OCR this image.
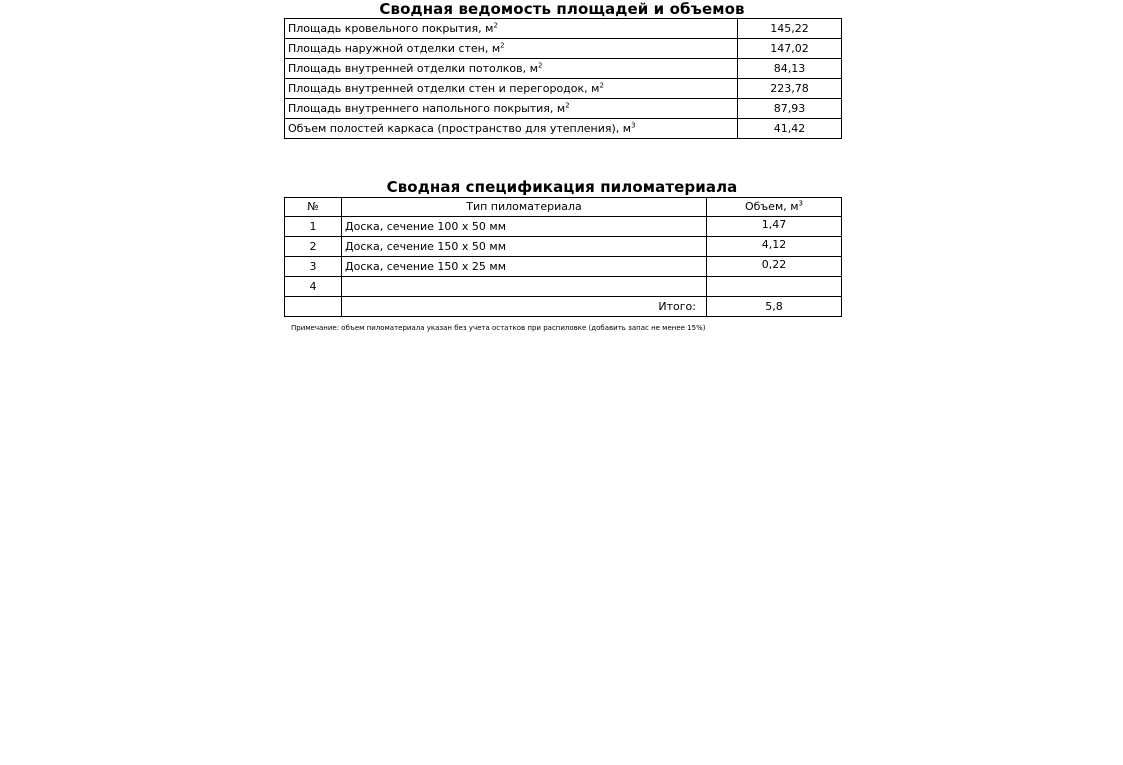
Сводная ведомость площадей и объемов
Площадь кровельного покрытия, $м^2$	145,22
Площадь наружной отделки стен, $м^2$	147,02
Площадь внутренней отделки потолков, $м^2$	84,13
Площадь внутренней отделки стен и перегородок, $м^2$	223,78
Площадь внутреннего напольного покрытия, $м^2$	87,93
Объем полостей каркаса (пространство для утепления), $м^3$	41,42
Сводная спецификация пиломатериала
№	Тип пиломатериала	Объем, $м^3$
1	Доска, сечение 100 х 50 мм	1,47
2	Доска, сечение 150 х 50 мм	4,12
3	Доска, сечение 150 х 25 мм	0,22
4		
	Итого:	5,8
Примечание: объем пиломатериала указан без учета остатков при распиловке (добавить запас не менее 15%)
